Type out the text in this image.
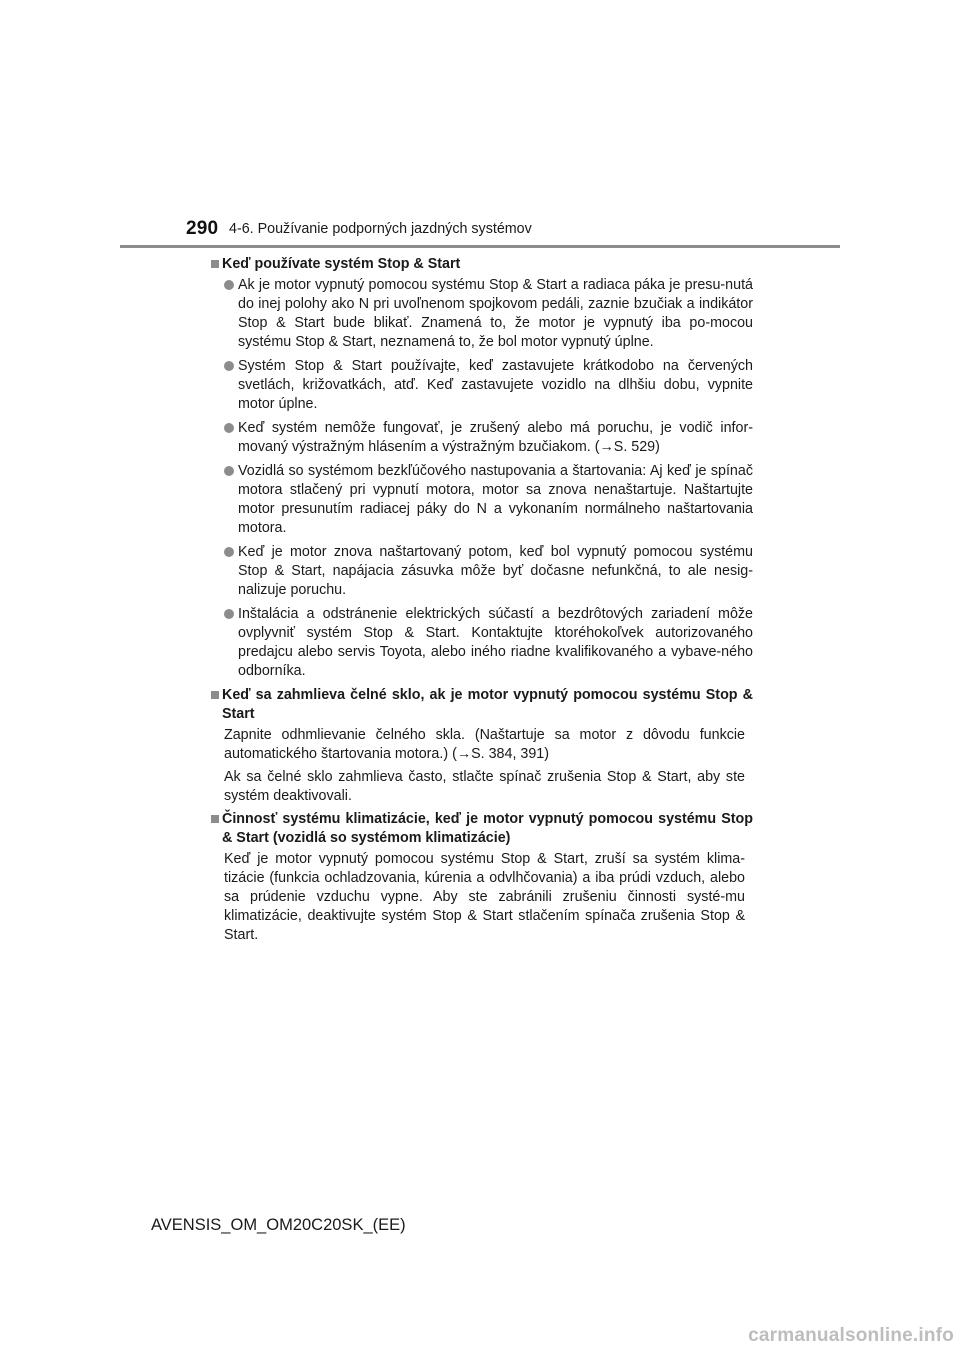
290 4-6. Používanie podporných jazdných systémov
Keď používate systém Stop & Start
Ak je motor vypnutý pomocou systému Stop & Start a radiaca páka je presu-nutá do inej polohy ako N pri uvoľnenom spojkovom pedáli, zaznie bzučiak a indikátor Stop & Start bude blikať. Znamená to, že motor je vypnutý iba po-mocou systému Stop & Start, neznamená to, že bol motor vypnutý úplne.
Systém Stop & Start používajte, keď zastavujete krátkodobo na červených svetlách, križovatkách, atď. Keď zastavujete vozidlo na dlhšiu dobu, vypnite motor úplne.
Keď systém nemôže fungovať, je zrušený alebo má poruchu, je vodič infor-movaný výstražným hlásením a výstražným bzučiakom. (→S. 529)
Vozidlá so systémom bezkľúčového nastupovania a štartovania: Aj keď je spínač motora stlačený pri vypnutí motora, motor sa znova nenaštartuje. Naštartujte motor presunutím radiacej páky do N a vykonaním normálneho naštartovania motora.
Keď je motor znova naštartovaný potom, keď bol vypnutý pomocou systému Stop & Start, napájacia zásuvka môže byť dočasne nefunkčná, to ale nesig-nalizuje poruchu.
Inštalácia a odstránenie elektrických súčastí a bezdrôtových zariadení môže ovplyvniť systém Stop & Start. Kontaktujte ktoréhokoľvek autorizovaného predajcu alebo servis Toyota, alebo iného riadne kvalifikovaného a vybave-ného odborníka.
Keď sa zahmlieva čelné sklo, ak je motor vypnutý pomocou systému Stop & Start

Zapnite odhmlievanie čelného skla. (Naštartuje sa motor z dôvodu funkcie automatického štartovania motora.) (→S. 384, 391)

Ak sa čelné sklo zahmlieva často, stlačte spínač zrušenia Stop & Start, aby ste systém deaktivovali.

Činnosť systému klimatizácie, keď je motor vypnutý pomocou systému Stop & Start (vozidlá so systémom klimatizácie)

Keď je motor vypnutý pomocou systému Stop & Start, zruší sa systém klima-tizácie (funkcia ochladzovania, kúrenia a odvlhčovania) a iba prúdi vzduch, alebo sa prúdenie vzduchu vypne. Aby ste zabránili zrušeniu činnosti systé-mu klimatizácie, deaktivujte systém Stop & Start stlačením spínača zrušenia Stop & Start.

AVENSIS_OM_OM20C20SK_(EE)
carmanualsonline.info
